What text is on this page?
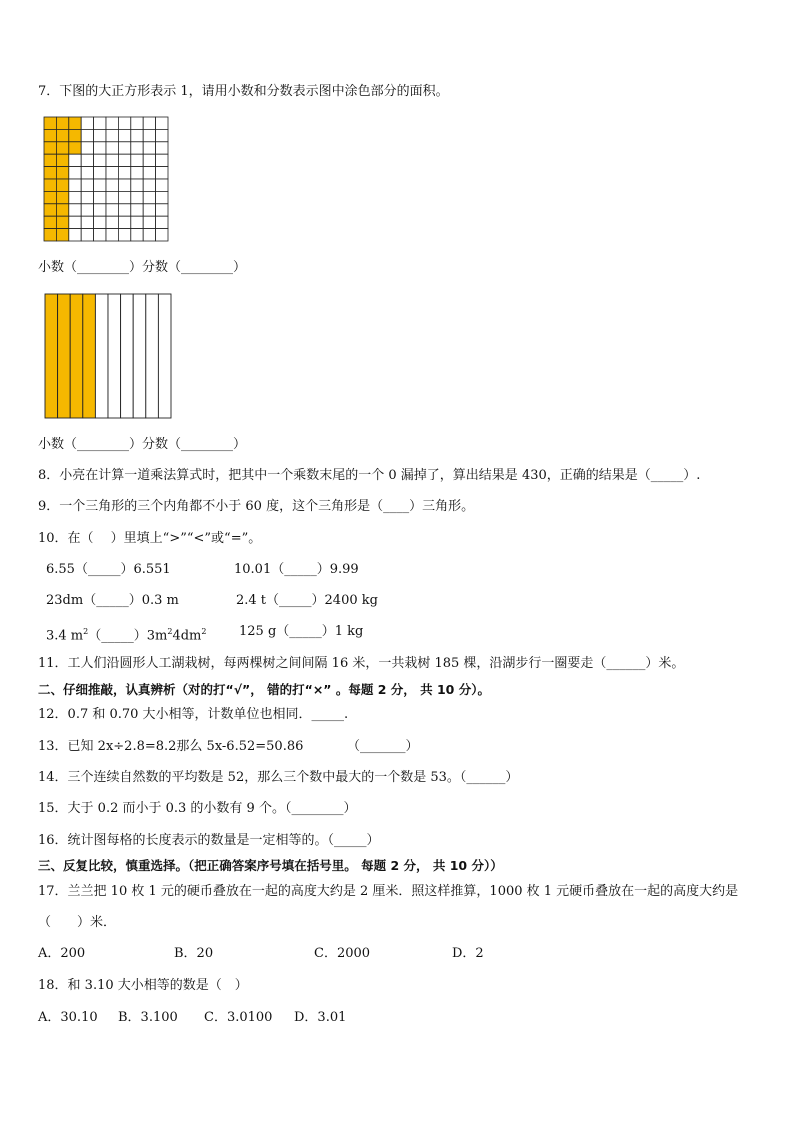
7．下图的大正方形表示 1，请用小数和分数表示图中涂色部分的面积。
小数（________）分数（________）
小数（________）分数（________）
8．小亮在计算一道乘法算式时，把其中一个乘数末尾的一个 0 漏掉了，算出结果是 430，正确的结果是（_____）.
9．一个三角形的三个内角都不小于 60 度，这个三角形是（____）三角形。
10．在（　 ）里填上“>”“<”或“=”。
6.55（_____）6.551	10.01（_____）9.99
23dm（_____）0.3 m	2.4 t（_____）2400 kg
3.4 $m^2(\_\_\_\_\_)3m^24dm^2$	125 g（_____）1 kg
11．工人们沿圆形人工湖栽树，每两棵树之间间隔 16 米，一共栽树 185 棵，沿湖步行一圈要走（______）米。
二、仔细推敲，认真辨析（对的打“√”， 错的打“×” 。每题 2 分， 共 10 分）。
12．0.7 和 0.70 大小相等，计数单位也相同．_____.
13．已知 2x÷2.8=8.2那么 5x-6.52=50.86	（_______）
14．三个连续自然数的平均数是 52，那么三个数中最大的一个数是 53。（______）
15．大于 0.2 而小于 0.3 的小数有 9 个。（________）
16．统计图每格的长度表示的数量是一定相等的。（_____）
三、反复比较，慎重选择。（把正确答案序号填在括号里。 每题 2 分， 共 10 分））
17．兰兰把 10 枚 1 元的硬币叠放在一起的高度大约是 2 厘米．照这样推算，1000 枚 1 元硬币叠放在一起的高度大约是
（　　）米．
A．200	B．20	C．2000	D．2
18．和 3.10 大小相等的数是（　）
A．30.10 B．3.100 C．3.0100 D．3.01
